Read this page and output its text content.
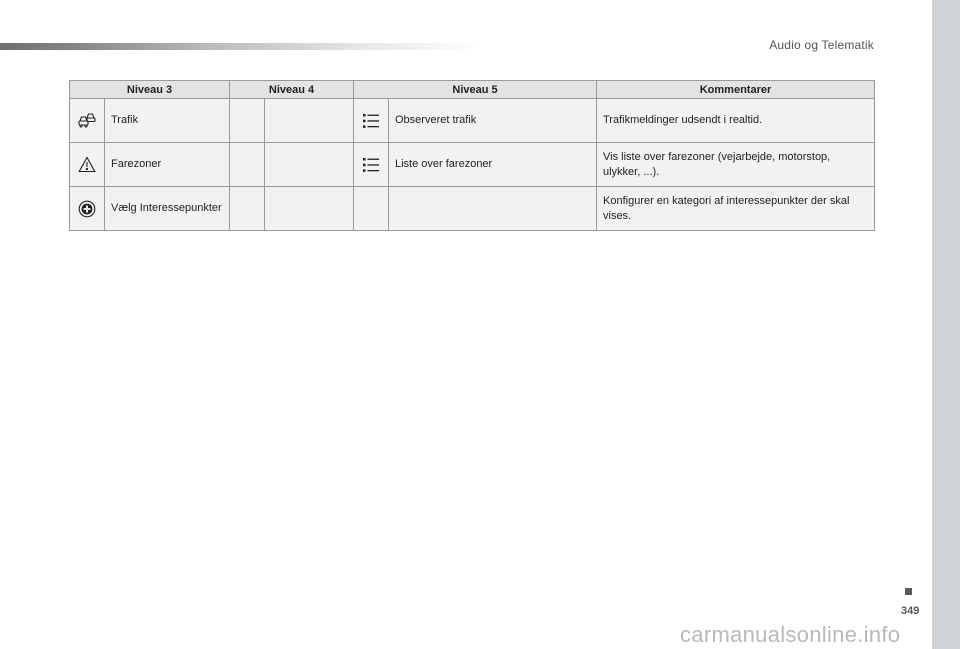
Audio og Telematik
Niveau 3		Niveau 4		Niveau 5		Kommentarer
	Trafik				Observeret trafik	Trafikmeldinger udsendt i realtid.
	Farezoner				Liste over farezoner	Vis liste over farezoner (vejarbejde, motorstop, ulykker, ...).
	Vælg Interessepunkter					Konfigurer en kategori af interessepunkter der skal vises.
349
carmanualsonline.info
